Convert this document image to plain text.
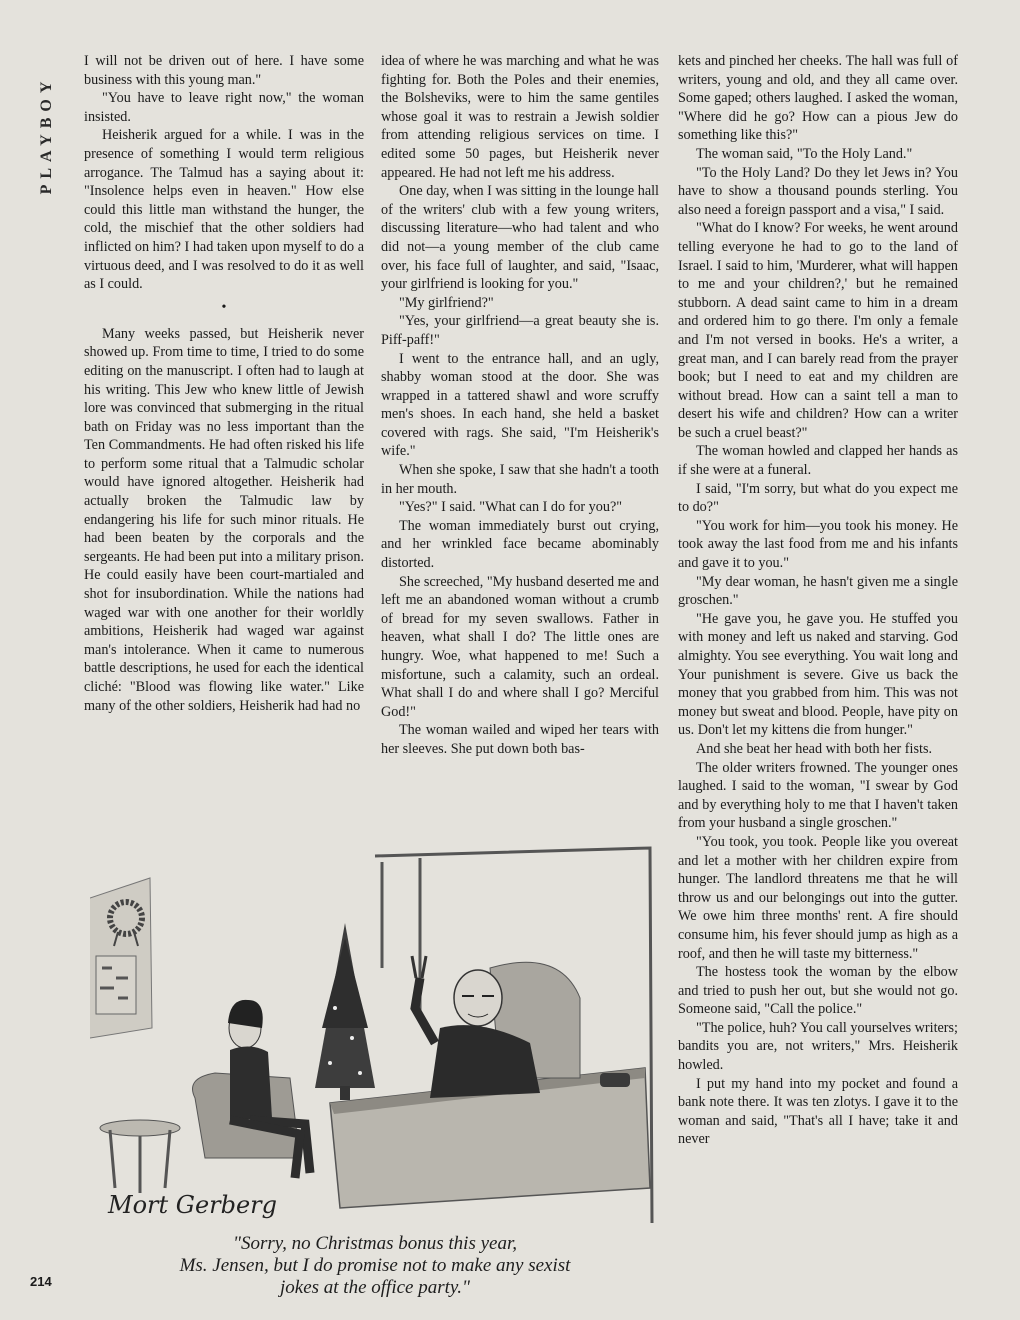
PLAYBOY

I will not be driven out of here. I have some business with this young man."

"You have to leave right now," the woman insisted.

Heisherik argued for a while. I was in the presence of something I would term religious arrogance. The Talmud has a saying about it: "Insolence helps even in heaven." How else could this little man withstand the hunger, the cold, the mischief that the other soldiers had inflicted on him? I had taken upon myself to do a virtuous deed, and I was resolved to do it as well as I could.

•

Many weeks passed, but Heisherik never showed up. From time to time, I tried to do some editing on the manuscript. I often had to laugh at his writing. This Jew who knew little of Jewish lore was convinced that submerging in the ritual bath on Friday was no less important than the Ten Commandments. He had often risked his life to perform some ritual that a Talmudic scholar would have ignored altogether. Heisherik had actually broken the Talmudic law by endangering his life for such minor rituals. He had been beaten by the corporals and the sergeants. He had been put into a military prison. He could easily have been court-martialed and shot for insubordination. While the nations had waged war with one another for their worldly ambitions, Heisherik had waged war against man's intolerance. When it came to numerous battle descriptions, he used for each the identical cliché: "Blood was flowing like water." Like many of the other soldiers, Heisherik had had no

idea of where he was marching and what he was fighting for. Both the Poles and their enemies, the Bolsheviks, were to him the same gentiles whose goal it was to restrain a Jewish soldier from attending religious services on time. I edited some 50 pages, but Heisherik never appeared. He had not left me his address.

One day, when I was sitting in the lounge hall of the writers' club with a few young writers, discussing literature—who had talent and who did not—a young member of the club came over, his face full of laughter, and said, "Isaac, your girlfriend is looking for you."

"My girlfriend?"

"Yes, your girlfriend—a great beauty she is. Piff-paff!"

I went to the entrance hall, and an ugly, shabby woman stood at the door. She was wrapped in a tattered shawl and wore scruffy men's shoes. In each hand, she held a basket covered with rags. She said, "I'm Heisherik's wife."

When she spoke, I saw that she hadn't a tooth in her mouth.

"Yes?" I said. "What can I do for you?"

The woman immediately burst out crying, and her wrinkled face became abominably distorted.

She screeched, "My husband deserted me and left me an abandoned woman without a crumb of bread for my seven swallows. Father in heaven, what shall I do? The little ones are hungry. Woe, what happened to me! Such a misfortune, such a calamity, such an ordeal. What shall I do and where shall I go? Merciful God!"

The woman wailed and wiped her tears with her sleeves. She put down both bas-

kets and pinched her cheeks. The hall was full of writers, young and old, and they all came over. Some gaped; others laughed. I asked the woman, "Where did he go? How can a pious Jew do something like this?"

The woman said, "To the Holy Land."

"To the Holy Land? Do they let Jews in? You have to show a thousand pounds sterling. You also need a foreign passport and a visa," I said.

"What do I know? For weeks, he went around telling everyone he had to go to the land of Israel. I said to him, 'Murderer, what will happen to me and your children?,' but he remained stubborn. A dead saint came to him in a dream and ordered him to go there. I'm only a female and I'm not versed in books. He's a writer, a great man, and I can barely read from the prayer book; but I need to eat and my children are without bread. How can a saint tell a man to desert his wife and children? How can a writer be such a cruel beast?"

The woman howled and clapped her hands as if she were at a funeral.

I said, "I'm sorry, but what do you expect me to do?"

"You work for him—you took his money. He took away the last food from me and his infants and gave it to you."

"My dear woman, he hasn't given me a single groschen."

"He gave you, he gave you. He stuffed you with money and left us naked and starving. God almighty. You see everything. You wait long and Your punishment is severe. Give us back the money that you grabbed from him. This was not money but sweat and blood. People, have pity on us. Don't let my kittens die from hunger."

And she beat her head with both her fists.

The older writers frowned. The younger ones laughed. I said to the woman, "I swear by God and by everything holy to me that I haven't taken from your husband a single groschen."

"You took, you took. People like you overeat and let a mother with her children expire from hunger. The landlord threatens me that he will throw us and our belongings out into the gutter. We owe him three months' rent. A fire should consume him, his fever should jump as high as a roof, and then he will taste my bitterness."

The hostess took the woman by the elbow and tried to push her out, but she would not go. Someone said, "Call the police."

"The police, huh? You call yourselves writers; bandits you are, not writers," Mrs. Heisherik howled.

I put my hand into my pocket and found a bank note there. It was ten zlotys. I gave it to the woman and said, "That's all I have; take it and never

Mort Gerberg
"Sorry, no Christmas bonus this year,
Ms. Jensen, but I do promise not to make any sexist
jokes at the office party."
214
